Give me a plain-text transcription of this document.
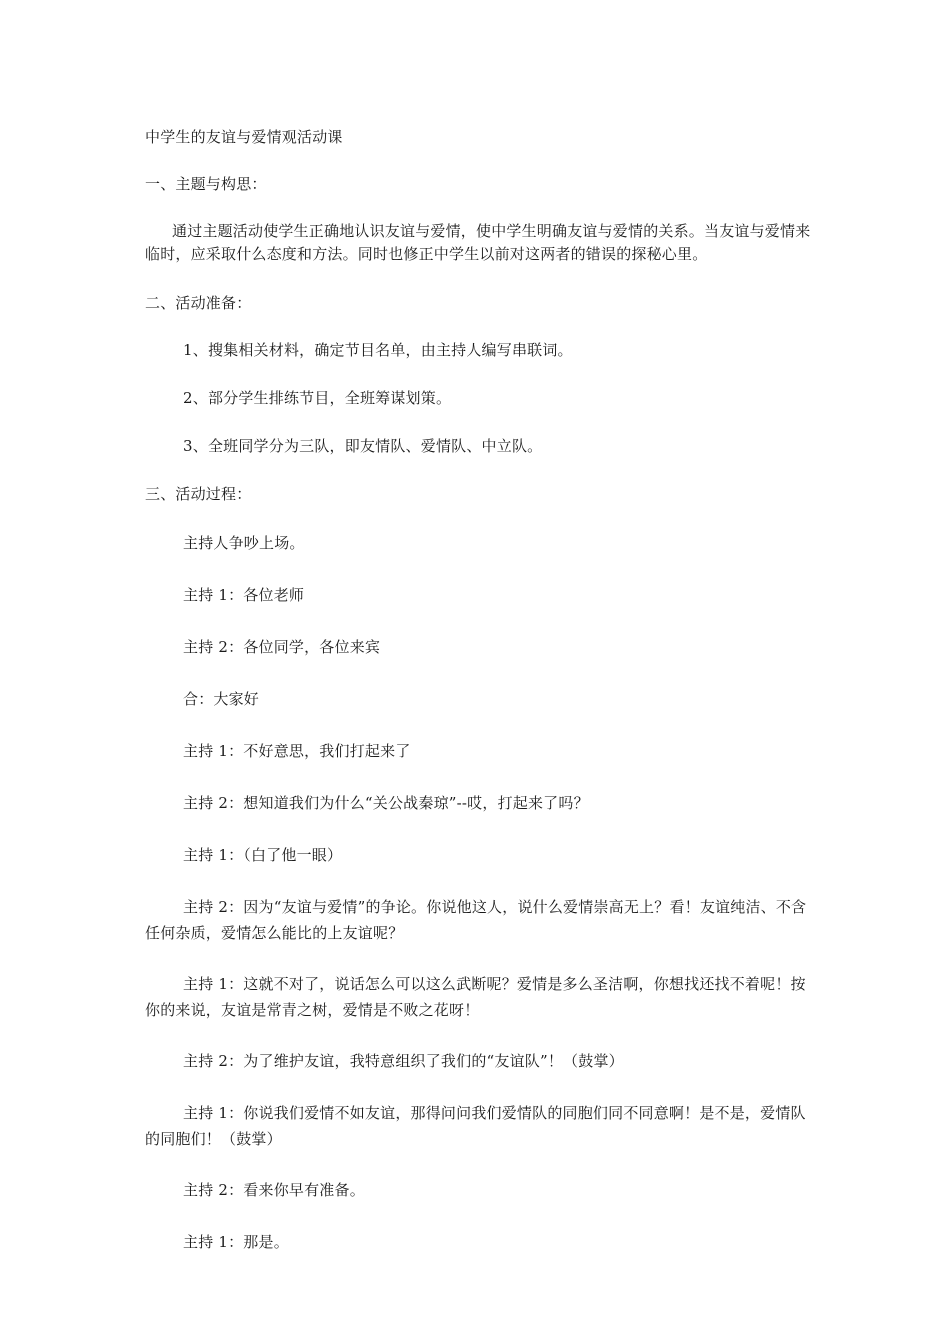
中学生的友谊与爱情观活动课

一、主题与构思：

通过主题活动使学生正确地认识友谊与爱情，使中学生明确友谊与爱情的关系。当友谊与爱情来临时，应采取什么态度和方法。同时也修正中学生以前对这两者的错误的探秘心里。

二、活动准备：

1、搜集相关材料，确定节目名单，由主持人编写串联词。

2、部分学生排练节目，全班筹谋划策。

3、全班同学分为三队，即友情队、爱情队、中立队。

三、活动过程：

主持人争吵上场。

主持 1：各位老师

主持 2：各位同学，各位来宾

合：大家好

主持 1：不好意思，我们打起来了

主持 2：想知道我们为什么“关公战秦琼”--哎，打起来了吗？

主持 1：（白了他一眼）

主持 2：因为“友谊与爱情”的争论。你说他这人，说什么爱情崇高无上？看！友谊纯洁、不含任何杂质，爱情怎么能比的上友谊呢？

主持 1：这就不对了，说话怎么可以这么武断呢？爱情是多么圣洁啊，你想找还找不着呢！按你的来说，友谊是常青之树，爱情是不败之花呀！

主持 2：为了维护友谊，我特意组织了我们的“友谊队”！（鼓掌）

主持 1：你说我们爱情不如友谊，那得问问我们爱情队的同胞们同不同意啊！是不是，爱情队的同胞们！（鼓掌）

主持 2：看来你早有准备。

主持 1：那是。
